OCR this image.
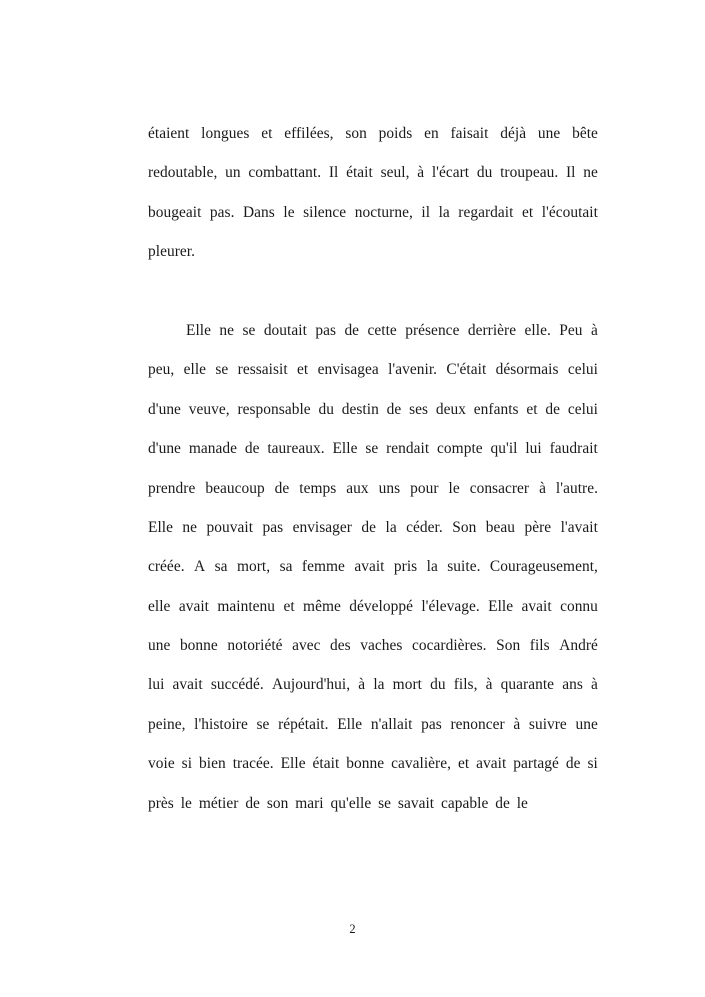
étaient longues et effilées, son poids en faisait déjà une bête
redoutable, un combattant. Il était seul, à l'écart du troupeau. Il ne
bougeait pas. Dans le silence nocturne, il la regardait et l'écoutait
pleurer.

Elle ne se doutait pas de cette présence derrière elle. Peu à
peu, elle se ressaisit et envisagea l'avenir. C'était désormais celui
d'une veuve, responsable du destin de ses deux enfants et de celui
d'une manade de taureaux. Elle se rendait compte qu'il lui faudrait
prendre beaucoup de temps aux uns pour le consacrer à l'autre.
Elle ne pouvait pas envisager de la céder. Son beau père l'avait
créée. A sa mort, sa femme avait pris la suite. Courageusement,
elle avait maintenu et même développé l'élevage. Elle avait connu
une bonne notoriété avec des vaches cocardières. Son fils André
lui avait succédé. Aujourd'hui, à la mort du fils, à quarante ans à
peine, l'histoire se répétait. Elle n'allait pas renoncer à suivre une
voie si bien tracée. Elle était bonne cavalière, et avait partagé de si
près le métier de son mari qu'elle se savait capable de le

2
